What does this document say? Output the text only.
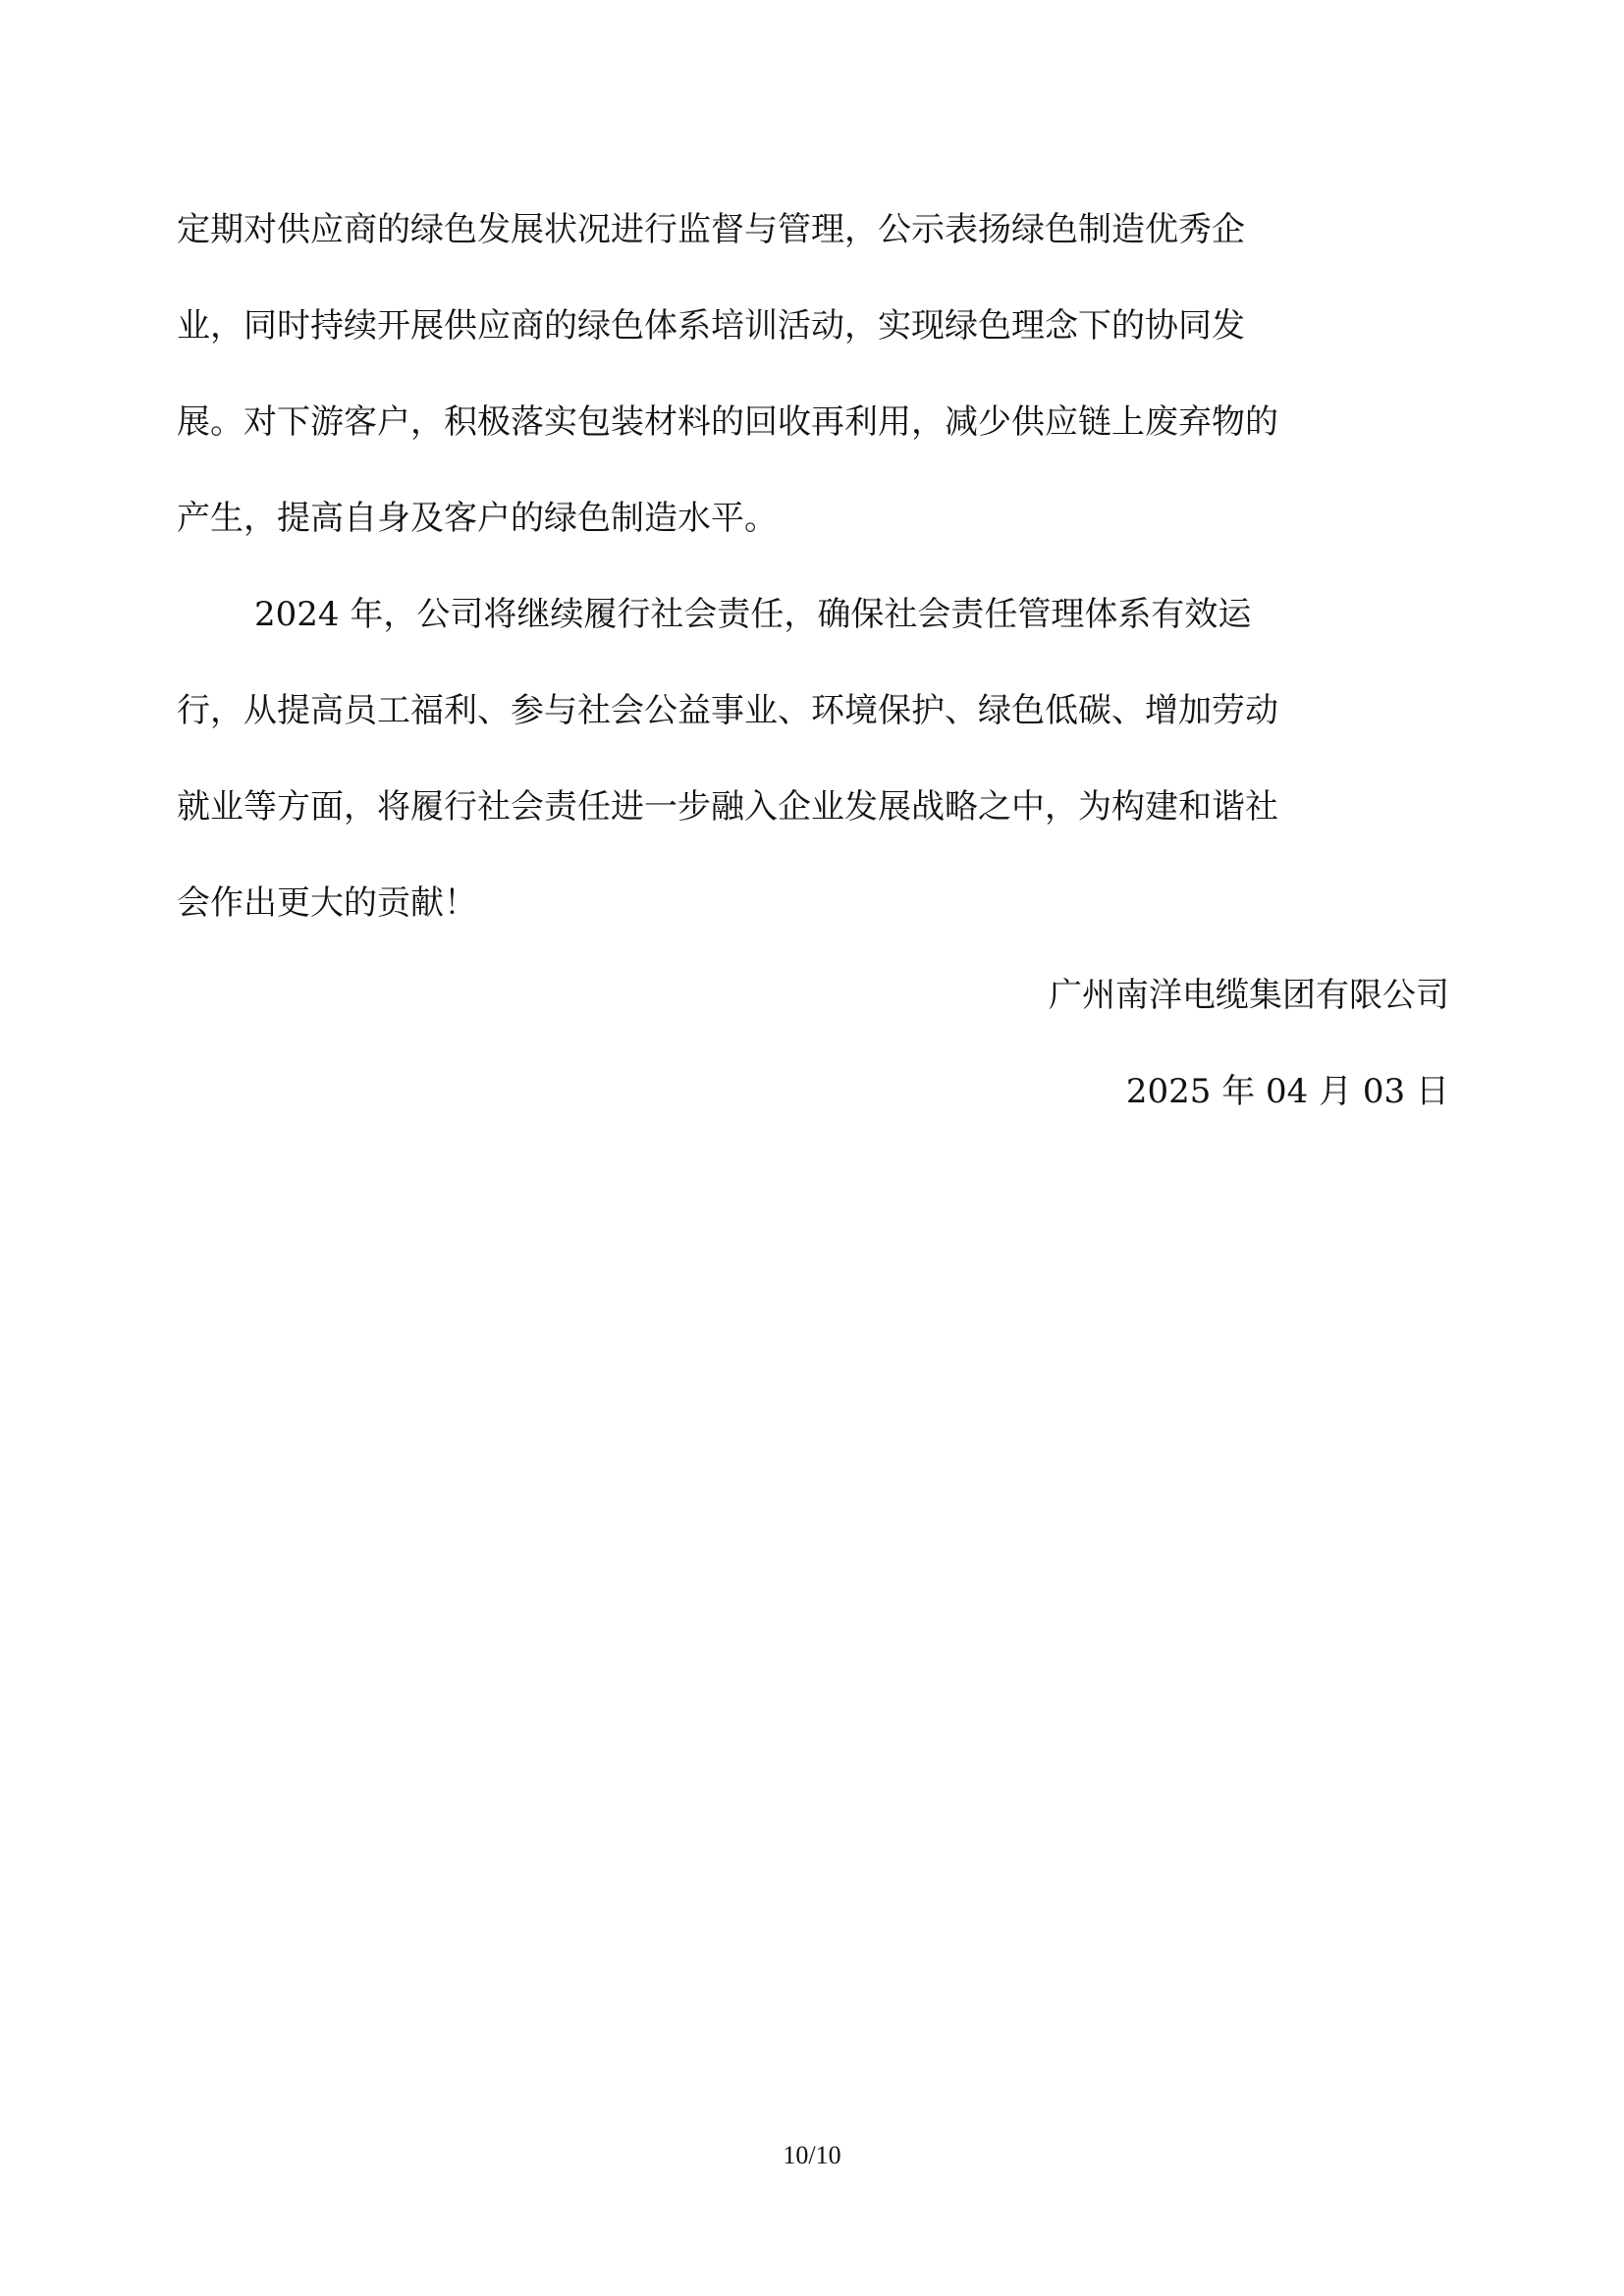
定期对供应商的绿色发展状况进行监督与管理，公示表扬绿色制造优秀企
业，同时持续开展供应商的绿色体系培训活动，实现绿色理念下的协同发
展。对下游客户，积极落实包装材料的回收再利用，减少供应链上废弃物的
产生，提高自身及客户的绿色制造水平。
2024 年，公司将继续履行社会责任，确保社会责任管理体系有效运
行，从提高员工福利、参与社会公益事业、环境保护、绿色低碳、增加劳动
就业等方面，将履行社会责任进一步融入企业发展战略之中，为构建和谐社
会作出更大的贡献！
广州南洋电缆集团有限公司
2025 年 04 月 03 日
10/10
